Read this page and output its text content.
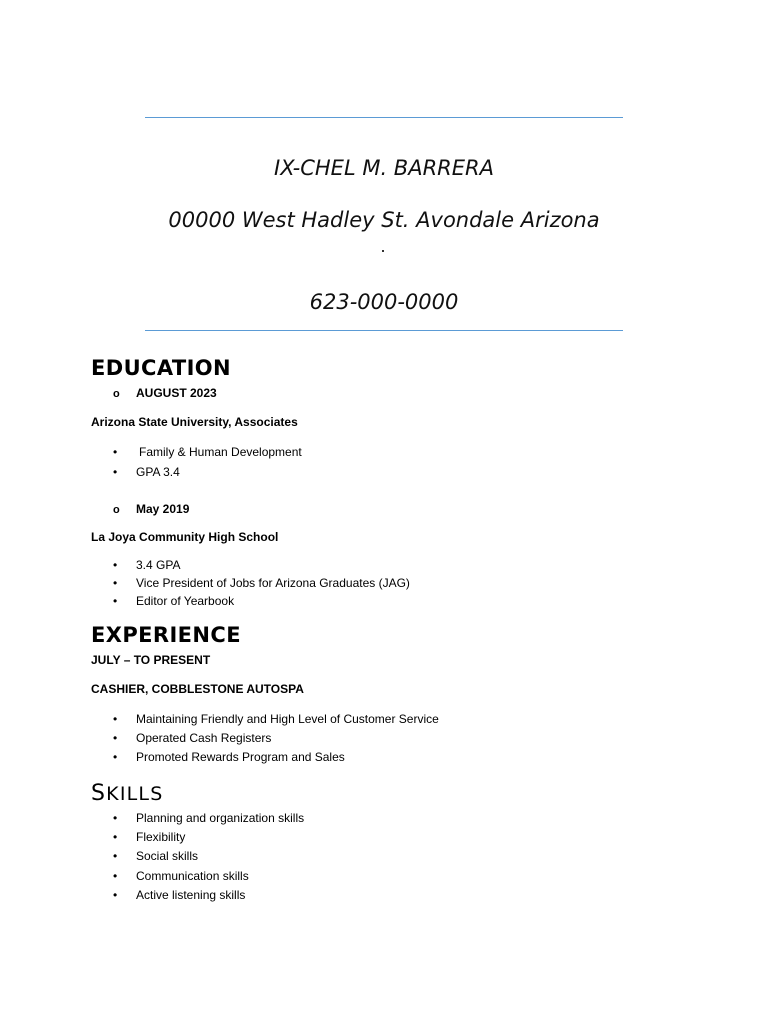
IX-CHEL M. BARRERA
00000 West Hadley St. Avondale Arizona
623-000-0000
EDUCATION
o AUGUST 2023
Arizona State University, Associates
• Family & Human Development
• GPA 3.4
o May 2019
La Joya Community High School
• 3.4 GPA
• Vice President of Jobs for Arizona Graduates (JAG)
• Editor of Yearbook
EXPERIENCE
JULY – TO PRESENT
CASHIER, COBBLESTONE AUTOSPA
• Maintaining Friendly and High Level of Customer Service
• Operated Cash Registers
• Promoted Rewards Program and Sales
SKILLS
• Planning and organization skills
• Flexibility
• Social skills
• Communication skills
• Active listening skills
